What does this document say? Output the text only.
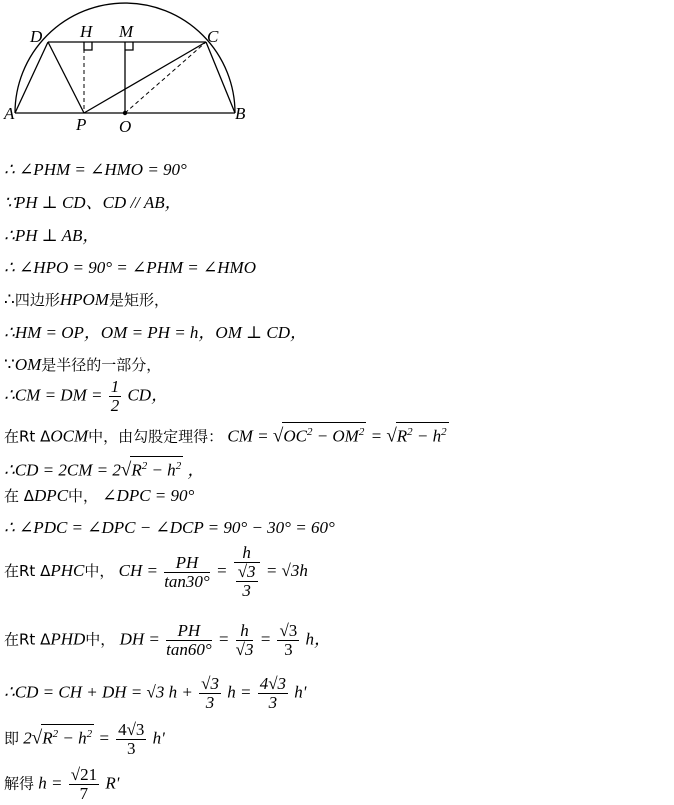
D H M	C
A
P O
B
∴ ∠PHM = ∠HMO = 90°
∵PH ⊥ CD、CD // AB，
∴PH ⊥ AB，
∴ ∠HPO = 90° = ∠PHM = ∠HMO
∴四边形HPOM是矩形，
∴HM = OP，OM = PH = h，OM ⊥ CD，
∵OM是半径的一部分，
∴CM = DM = $\frac{1}{2}$ CD，
在Rt ΔOCM中，由勾股定理得： CM = $√OC^2 - OM^2 = √R^2 - h^2$
∴CD = $2CM = 2√R^2 - h^2$ ，
在 ΔDPC中， ∠DPC = 90°
∴ ∠PDC = ∠DPC − ∠DCP = 90° − 30° = 60°
在Rt ΔPHC中， CH = $\frac{PH}{\tan 30^\circ} = \frac{h}{\frac{√3}{3}} = √3h$
在Rt ΔPHD中， DH = $\frac{PH}{\tan 60^\circ} = \frac{h}{√3} = \frac{√3}{3}$ h，
∴CD = CH + DH = √3 $h + \frac{√3}{3}$ $h = \frac{4√3}{3} h'$
即 $2√R^2 - h^2 = \frac{4√3}{3} h'$
解得 $h = \frac{√21}{7} R'$
